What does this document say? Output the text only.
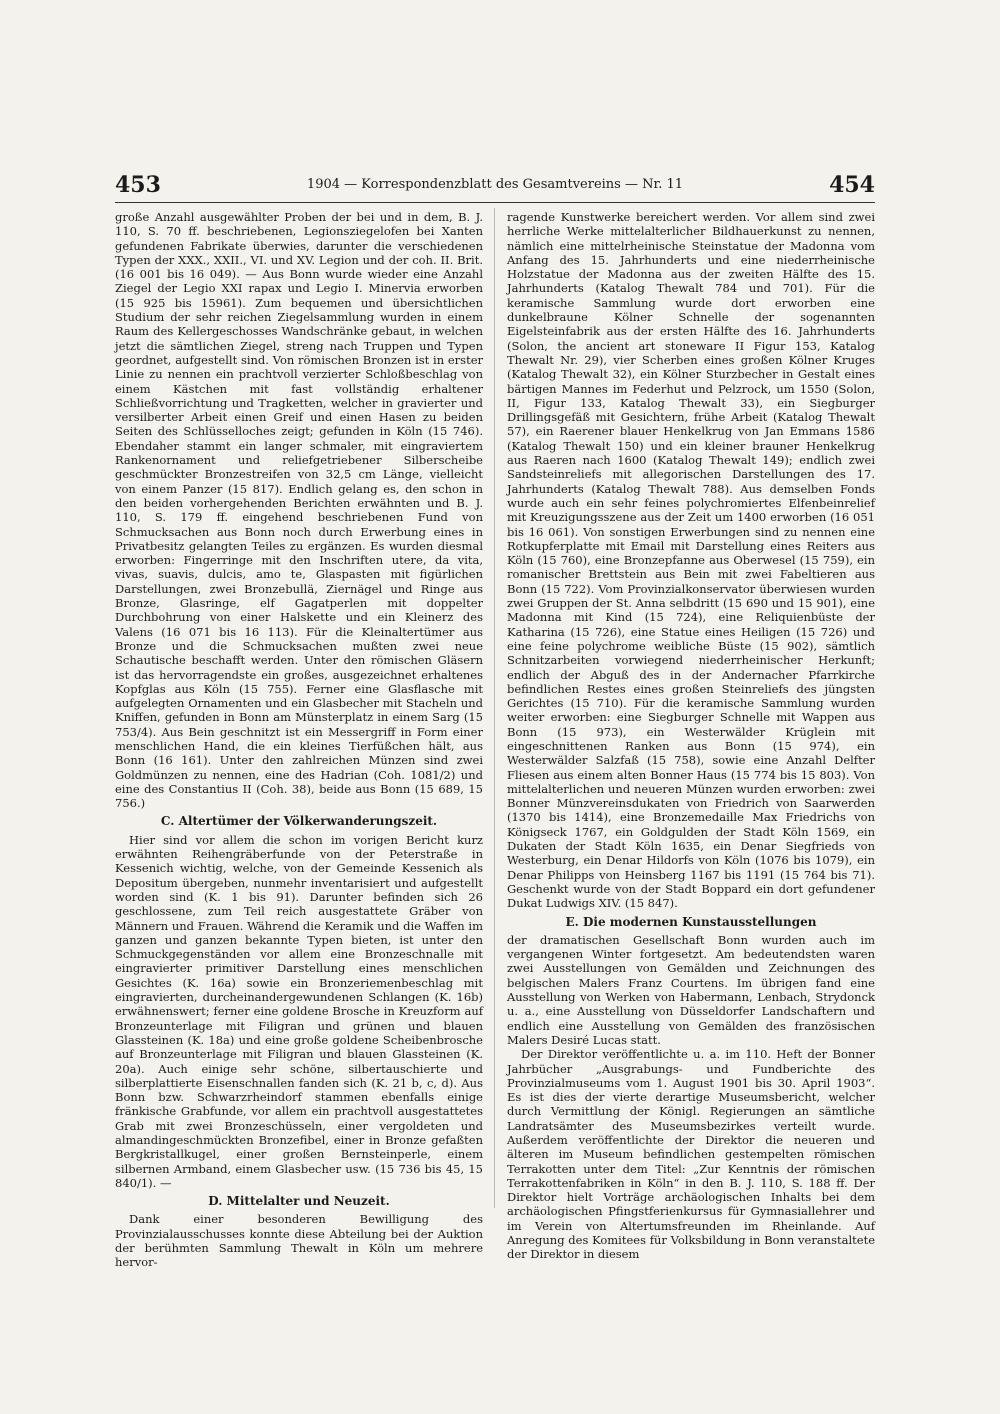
453	1904 — Korrespondenzblatt des Gesamtvereins — Nr. 11	454

große Anzahl ausgewählter Proben der bei und in dem, B. J. 110, S. 70 ff. beschriebenen, Legionsziegelofen bei Xanten gefundenen Fabrikate überwies, darunter die verschiedenen Typen der XXX., XXII., VI. und XV. Legion und der coh. II. Brit. (16 001 bis 16 049). — Aus Bonn wurde wieder eine Anzahl Ziegel der Legio XXI rapax und Legio I. Minervia erworben (15 925 bis 15961). Zum bequemen und übersichtlichen Studium der sehr reichen Ziegelsammlung wurden in einem Raum des Kellergeschosses Wandschränke gebaut, in welchen jetzt die sämtlichen Ziegel, streng nach Truppen und Typen geordnet, aufgestellt sind. Von römischen Bronzen ist in erster Linie zu nennen ein prachtvoll verzierter Schloßbeschlag von einem Kästchen mit fast vollständig erhaltener Schließvorrichtung und Tragketten, welcher in gravierter und versilberter Arbeit einen Greif und einen Hasen zu beiden Seiten des Schlüsselloches zeigt; gefunden in Köln (15 746). Ebendaher stammt ein langer schmaler, mit eingraviertem Rankenornament und reliefgetriebener Silberscheibe geschmückter Bronzestreifen von 32,5 cm Länge, vielleicht von einem Panzer (15 817). Endlich gelang es, den schon in den beiden vorhergehenden Berichten erwähnten und B. J. 110, S. 179 ff. eingehend beschriebenen Fund von Schmucksachen aus Bonn noch durch Erwerbung eines in Privatbesitz gelangten Teiles zu ergänzen. Es wurden diesmal erworben: Fingerringe mit den Inschriften utere, da vita, vivas, suavis, dulcis, amo te, Glaspasten mit figürlichen Darstellungen, zwei Bronzebullä, Ziernägel und Ringe aus Bronze, Glasringe, elf Gagatperlen mit doppelter Durchbohrung von einer Halskette und ein Kleinerz des Valens (16 071 bis 16 113). Für die Kleinaltertümer aus Bronze und die Schmucksachen mußten zwei neue Schautische beschafft werden. Unter den römischen Gläsern ist das hervorragendste ein großes, ausgezeichnet erhaltenes Kopfglas aus Köln (15 755). Ferner eine Glasflasche mit aufgelegten Ornamenten und ein Glasbecher mit Stacheln und Kniffen, gefunden in Bonn am Münsterplatz in einem Sarg (15 753/4). Aus Bein geschnitzt ist ein Messergriff in Form einer menschlichen Hand, die ein kleines Tierfüßchen hält, aus Bonn (16 161). Unter den zahlreichen Münzen sind zwei Goldmünzen zu nennen, eine des Hadrian (Coh. 1081/2) und eine des Constantius II (Coh. 38), beide aus Bonn (15 689, 15 756.)

C. Altertümer der Völkerwanderungszeit.

Hier sind vor allem die schon im vorigen Bericht kurz erwähnten Reihengräberfunde von der Peterstraße in Kessenich wichtig, welche, von der Gemeinde Kessenich als Depositum übergeben, nunmehr inventarisiert und aufgestellt worden sind (K. 1 bis 91). Darunter befinden sich 26 geschlossene, zum Teil reich ausgestattete Gräber von Männern und Frauen. Während die Keramik und die Waffen im ganzen und ganzen bekannte Typen bieten, ist unter den Schmuckgegenständen vor allem eine Bronzeschnalle mit eingravierter primitiver Darstellung eines menschlichen Gesichtes (K. 16a) sowie ein Bronzeriemenbeschlag mit eingravierten, durcheinandergewundenen Schlangen (K. 16b) erwähnenswert; ferner eine goldene Brosche in Kreuzform auf Bronzeunterlage mit Filigran und grünen und blauen Glassteinen (K. 18a) und eine große goldene Scheibenbrosche auf Bronzeunterlage mit Filigran und blauen Glassteinen (K. 20a). Auch einige sehr schöne, silbertauschierte und silberplattierte Eisenschnallen fanden sich (K. 21 b, c, d). Aus Bonn bzw. Schwarzrheindorf stammen ebenfalls einige fränkische Grabfunde, vor allem ein prachtvoll ausgestattetes Grab mit zwei Bronzeschüsseln, einer vergoldeten und almandingeschmückten Bronzefibel, einer in Bronze gefaßten Bergkristallkugel, einer großen Bernsteinperle, einem silbernen Armband, einem Glasbecher usw. (15 736 bis 45, 15 840/1). —

D. Mittelalter und Neuzeit.

Dank einer besonderen Bewilligung des Provinzialausschusses konnte diese Abteilung bei der Auktion der berühmten Sammlung Thewalt in Köln um mehrere hervor-

ragende Kunstwerke bereichert werden. Vor allem sind zwei herrliche Werke mittelalterlicher Bildhauerkunst zu nennen, nämlich eine mittelrheinische Steinstatue der Madonna vom Anfang des 15. Jahrhunderts und eine niederrheinische Holzstatue der Madonna aus der zweiten Hälfte des 15. Jahrhunderts (Katalog Thewalt 784 und 701). Für die keramische Sammlung wurde dort erworben eine dunkelbraune Kölner Schnelle der sogenannten Eigelsteinfabrik aus der ersten Hälfte des 16. Jahrhunderts (Solon, the ancient art stoneware II Figur 153, Katalog Thewalt Nr. 29), vier Scherben eines großen Kölner Kruges (Katalog Thewalt 32), ein Kölner Sturzbecher in Gestalt eines bärtigen Mannes im Federhut und Pelzrock, um 1550 (Solon, II, Figur 133, Katalog Thewalt 33), ein Siegburger Drillingsgefäß mit Gesichtern, frühe Arbeit (Katalog Thewalt 57), ein Raerener blauer Henkelkrug von Jan Emmans 1586 (Katalog Thewalt 150) und ein kleiner brauner Henkelkrug aus Raeren nach 1600 (Katalog Thewalt 149); endlich zwei Sandsteinreliefs mit allegorischen Darstellungen des 17. Jahrhunderts (Katalog Thewalt 788). Aus demselben Fonds wurde auch ein sehr feines polychromiertes Elfenbeinrelief mit Kreuzigungsszene aus der Zeit um 1400 erworben (16 051 bis 16 061). Von sonstigen Erwerbungen sind zu nennen eine Rotkupferplatte mit Email mit Darstellung eines Reiters aus Köln (15 760), eine Bronzepfanne aus Oberwesel (15 759), ein romanischer Brettstein aus Bein mit zwei Fabeltieren aus Bonn (15 722). Vom Provinzialkonservator überwiesen wurden zwei Gruppen der St. Anna selbdritt (15 690 und 15 901), eine Madonna mit Kind (15 724), eine Reliquienbüste der Katharina (15 726), eine Statue eines Heiligen (15 726) und eine feine polychrome weibliche Büste (15 902), sämtlich Schnitzarbeiten vorwiegend niederrheinischer Herkunft; endlich der Abguß des in der Andernacher Pfarrkirche befindlichen Restes eines großen Steinreliefs des jüngsten Gerichtes (15 710). Für die keramische Sammlung wurden weiter erworben: eine Siegburger Schnelle mit Wappen aus Bonn (15 973), ein Westerwälder Krüglein mit eingeschnittenen Ranken aus Bonn (15 974), ein Westerwälder Salzfaß (15 758), sowie eine Anzahl Delfter Fliesen aus einem alten Bonner Haus (15 774 bis 15 803). Von mittelalterlichen und neueren Münzen wurden erworben: zwei Bonner Münzvereinsdukaten von Friedrich von Saarwerden (1370 bis 1414), eine Bronzemedaille Max Friedrichs von Königseck 1767, ein Goldgulden der Stadt Köln 1569, ein Dukaten der Stadt Köln 1635, ein Denar Siegfrieds von Westerburg, ein Denar Hildorfs von Köln (1076 bis 1079), ein Denar Philipps von Heinsberg 1167 bis 1191 (15 764 bis 71). Geschenkt wurde von der Stadt Boppard ein dort gefundener Dukat Ludwigs XIV. (15 847).

E. Die modernen Kunstausstellungen

der dramatischen Gesellschaft Bonn wurden auch im vergangenen Winter fortgesetzt. Am bedeutendsten waren zwei Ausstellungen von Gemälden und Zeichnungen des belgischen Malers Franz Courtens. Im übrigen fand eine Ausstellung von Werken von Habermann, Lenbach, Strydonck u. a., eine Ausstellung von Düsseldorfer Landschaftern und endlich eine Ausstellung von Gemälden des französischen Malers Desiré Lucas statt.

Der Direktor veröffentlichte u. a. im 110. Heft der Bonner Jahrbücher „Ausgrabungs- und Fundberichte des Provinzialmuseums vom 1. August 1901 bis 30. April 1903“. Es ist dies der vierte derartige Museumsbericht, welcher durch Vermittlung der Königl. Regierungen an sämtliche Landratsämter des Museumsbezirkes verteilt wurde. Außerdem veröffentlichte der Direktor die neueren und älteren im Museum befindlichen gestempelten römischen Terrakotten unter dem Titel: „Zur Kenntnis der römischen Terrakottenfabriken in Köln“ in den B. J. 110, S. 188 ff. Der Direktor hielt Vorträge archäologischen Inhalts bei dem archäologischen Pfingstferienkursus für Gymnasiallehrer und im Verein von Altertumsfreunden im Rheinlande. Auf Anregung des Komitees für Volksbildung in Bonn veranstaltete der Direktor in diesem
